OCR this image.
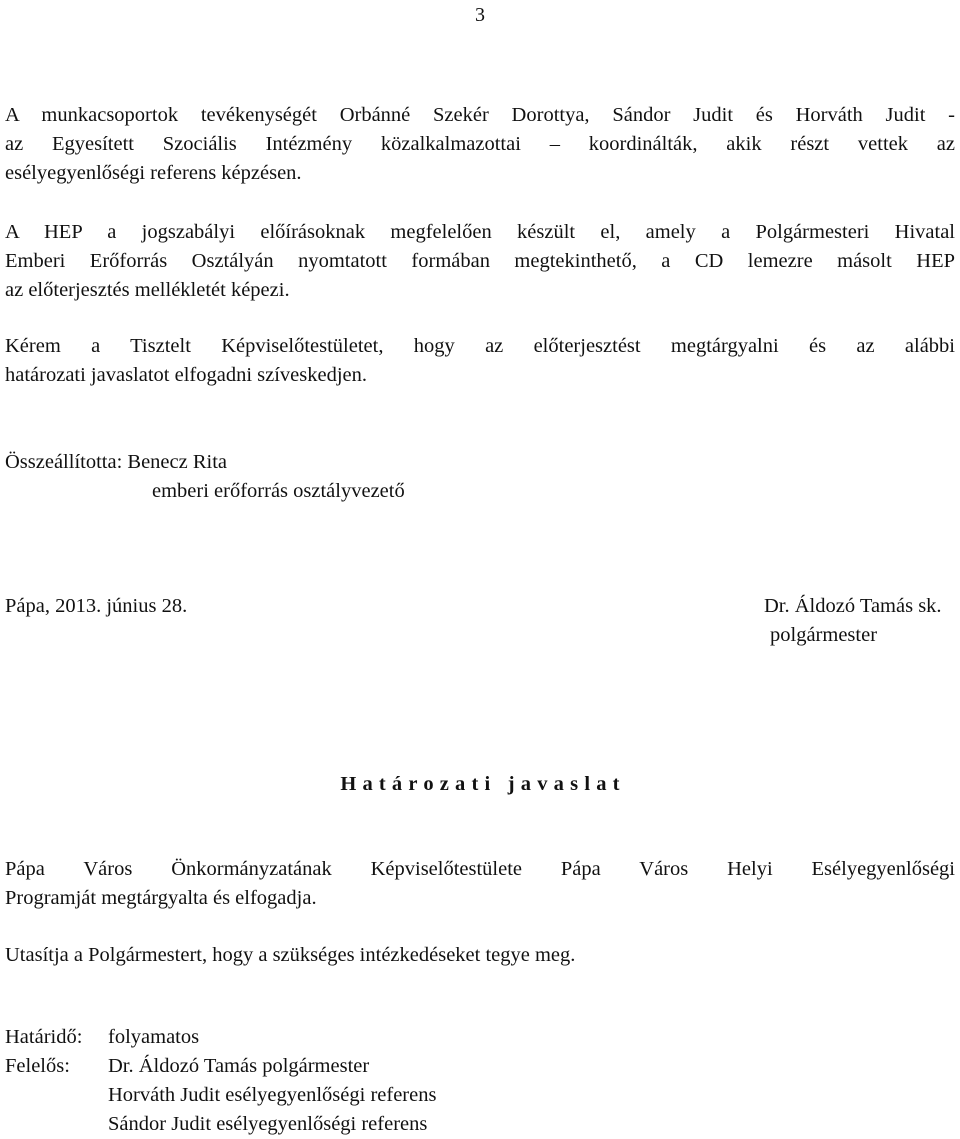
3

A munkacsoportok tevékenységét Orbánné Szekér Dorottya, Sándor Judit és Horváth Judit -
az Egyesített Szociális Intézmény közalkalmazottai – koordinálták, akik részt vettek az
esélyegyenlőségi referens képzésen.

A HEP a jogszabályi előírásoknak megfelelően készült el, amely a Polgármesteri Hivatal
Emberi Erőforrás Osztályán nyomtatott formában megtekinthető, a CD lemezre másolt HEP
az előterjesztés mellékletét képezi.

Kérem a Tisztelt Képviselőtestületet, hogy az előterjesztést megtárgyalni és az alábbi
határozati javaslatot elfogadni szíveskedjen.

Összeállította: Benecz Rita
emberi erőforrás osztályvezető
Pápa, 2013. június 28.	Dr. Áldozó Tamás sk.
polgármester
Határozati javaslat

Pápa Város Önkormányzatának Képviselőtestülete Pápa Város Helyi Esélyegyenlőségi
Programját megtárgyalta és elfogadja.

Utasítja a Polgármestert, hogy a szükséges intézkedéseket tegye meg.

Határidő: folyamatos
Felelős: Dr. Áldozó Tamás polgármester
Horváth Judit esélyegyenlőségi referens
Sándor Judit esélyegyenlőségi referens
